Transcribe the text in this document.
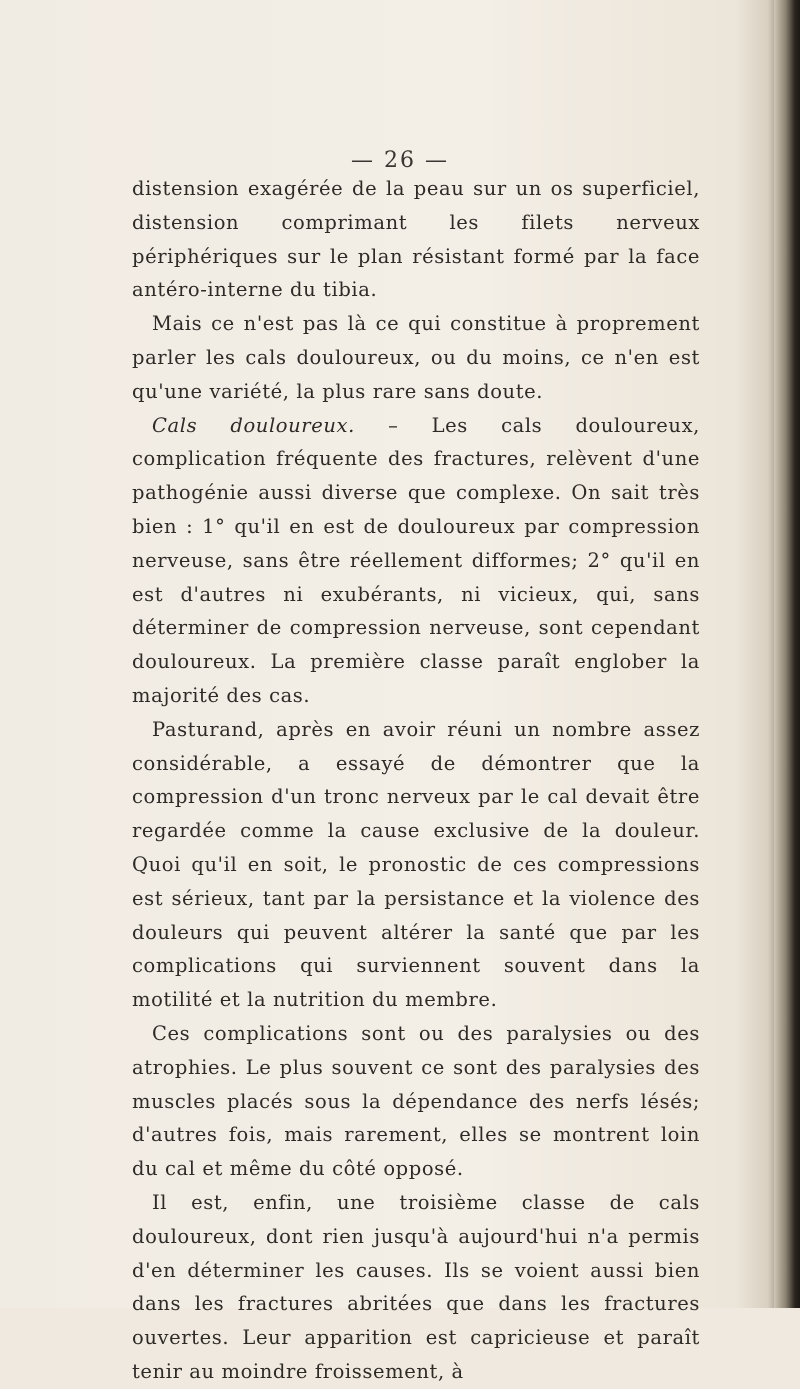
— 26 —

distension exagérée de la peau sur un os superficiel, distension comprimant les filets nerveux périphériques sur le plan résistant formé par la face antéro-interne du tibia.

Mais ce n'est pas là ce qui constitue à proprement parler les cals douloureux, ou du moins, ce n'en est qu'une variété, la plus rare sans doute.

Cals douloureux. – Les cals douloureux, complication fréquente des fractures, relèvent d'une pathogénie aussi diverse que complexe. On sait très bien : 1° qu'il en est de douloureux par compression nerveuse, sans être réellement difformes; 2° qu'il en est d'autres ni exubérants, ni vicieux, qui, sans déterminer de compression nerveuse, sont cependant douloureux. La première classe paraît englober la majorité des cas.

Pasturand, après en avoir réuni un nombre assez considérable, a essayé de démontrer que la compression d'un tronc nerveux par le cal devait être regardée comme la cause exclusive de la douleur. Quoi qu'il en soit, le pronostic de ces compressions est sérieux, tant par la persistance et la violence des douleurs qui peuvent altérer la santé que par les complications qui surviennent souvent dans la motilité et la nutrition du membre.

Ces complications sont ou des paralysies ou des atrophies. Le plus souvent ce sont des paralysies des muscles placés sous la dépendance des nerfs lésés; d'autres fois, mais rarement, elles se montrent loin du cal et même du côté opposé.

Il est, enfin, une troisième classe de cals douloureux, dont rien jusqu'à aujourd'hui n'a permis d'en déterminer les causes. Ils se voient aussi bien dans les fractures abritées que dans les fractures ouvertes. Leur apparition est capricieuse et paraît tenir au moindre froissement, à
